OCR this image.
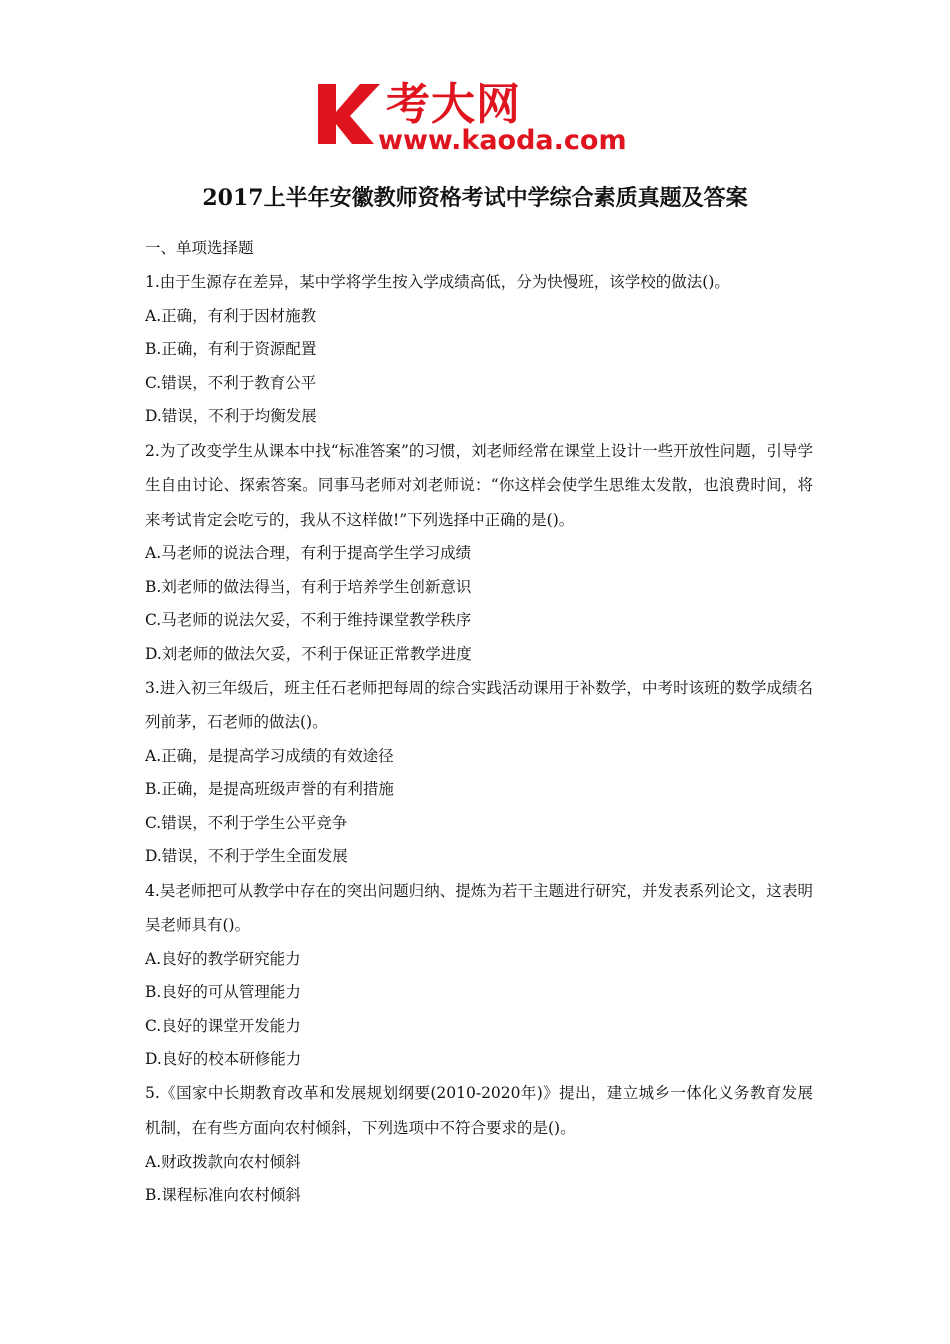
考大网
www.kaoda.com
2017上半年安徽教师资格考试中学综合素质真题及答案
一、单项选择题
1.由于生源存在差异，某中学将学生按入学成绩高低，分为快慢班，该学校的做法()。
A.正确，有利于因材施教
B.正确，有利于资源配置
C.错误，不利于教育公平
D.错误，不利于均衡发展
2.为了改变学生从课本中找“标准答案”的习惯，刘老师经常在课堂上设计一些开放性问题，引导学生自由讨论、探索答案。同事马老师对刘老师说：“你这样会使学生思维太发散，也浪费时间，将来考试肯定会吃亏的，我从不这样做!”下列选择中正确的是()。
A.马老师的说法合理，有利于提高学生学习成绩
B.刘老师的做法得当，有利于培养学生创新意识
C.马老师的说法欠妥，不利于维持课堂教学秩序
D.刘老师的做法欠妥，不利于保证正常教学进度
3.进入初三年级后，班主任石老师把每周的综合实践活动课用于补数学，中考时该班的数学成绩名列前茅，石老师的做法()。
A.正确，是提高学习成绩的有效途径
B.正确，是提高班级声誉的有利措施
C.错误，不利于学生公平竞争
D.错误，不利于学生全面发展
4.吴老师把可从教学中存在的突出问题归纳、提炼为若干主题进行研究，并发表系列论文，这表明吴老师具有()。
A.良好的教学研究能力
B.良好的可从管理能力
C.良好的课堂开发能力
D.良好的校本研修能力
5.《国家中长期教育改革和发展规划纲要(2010-2020年)》提出，建立城乡一体化义务教育发展机制，在有些方面向农村倾斜，下列选项中不符合要求的是()。
A.财政拨款向农村倾斜
B.课程标准向农村倾斜
